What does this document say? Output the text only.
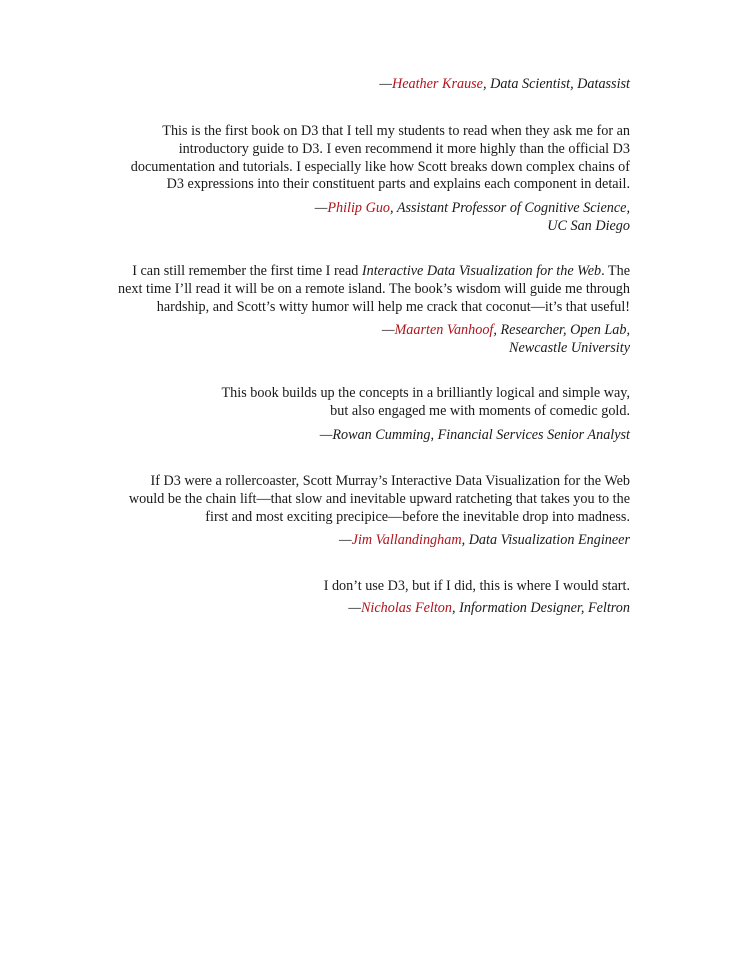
—Heather Krause, Data Scientist, Datassist
This is the first book on D3 that I tell my students to read when they ask me for an
introductory guide to D3. I even recommend it more highly than the official D3
documentation and tutorials. I especially like how Scott breaks down complex chains of
D3 expressions into their constituent parts and explains each component in detail.
—Philip Guo, Assistant Professor of Cognitive Science,
UC San Diego
I can still remember the first time I read Interactive Data Visualization for the Web. The
next time I’ll read it will be on a remote island. The book’s wisdom will guide me through
hardship, and Scott’s witty humor will help me crack that coconut—it’s that useful!
—Maarten Vanhoof, Researcher, Open Lab,
Newcastle University
This book builds up the concepts in a brilliantly logical and simple way,
but also engaged me with moments of comedic gold.
—Rowan Cumming, Financial Services Senior Analyst
If D3 were a rollercoaster, Scott Murray’s Interactive Data Visualization for the Web
would be the chain lift—that slow and inevitable upward ratcheting that takes you to the
first and most exciting precipice—before the inevitable drop into madness.
—Jim Vallandingham, Data Visualization Engineer
I don’t use D3, but if I did, this is where I would start.
—Nicholas Felton, Information Designer, Feltron
